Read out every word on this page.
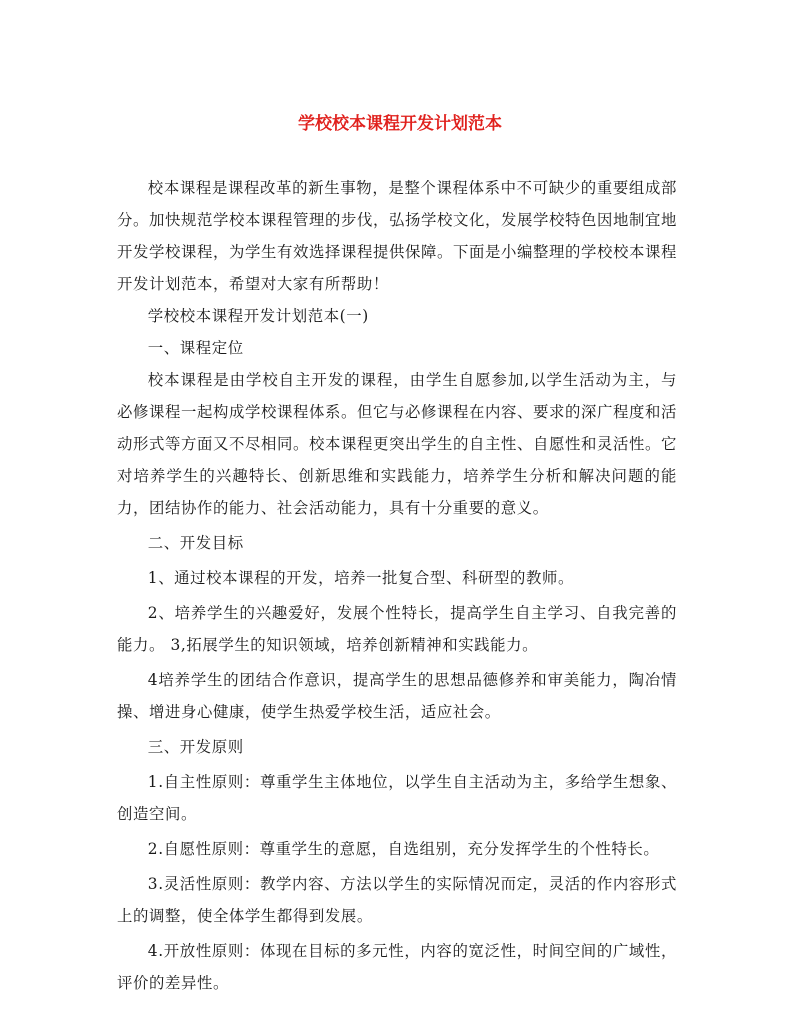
学校校本课程开发计划范本

校本课程是课程改革的新生事物，是整个课程体系中不可缺少的重要组成部分。加快规范学校本课程管理的步伐，弘扬学校文化，发展学校特色因地制宜地开发学校课程，为学生有效选择课程提供保障。下面是小编整理的学校校本课程开发计划范本，希望对大家有所帮助！

学校校本课程开发计划范本(一)

一、课程定位

校本课程是由学校自主开发的课程，由学生自愿参加,以学生活动为主，与必修课程一起构成学校课程体系。但它与必修课程在内容、要求的深广程度和活动形式等方面又不尽相同。校本课程更突出学生的自主性、自愿性和灵活性。它对培养学生的兴趣特长、创新思维和实践能力，培养学生分析和解决问题的能力，团结协作的能力、社会活动能力，具有十分重要的意义。

二、开发目标

1、通过校本课程的开发，培养一批复合型、科研型的教师。

2、培养学生的兴趣爱好，发展个性特长，提高学生自主学习、自我完善的能力。 3,拓展学生的知识领域，培养创新精神和实践能力。

4培养学生的团结合作意识，提高学生的思想品德修养和审美能力，陶冶情操、增进身心健康，使学生热爱学校生活，适应社会。

三、开发原则

1.自主性原则：尊重学生主体地位，以学生自主活动为主，多给学生想象、创造空间。

2.自愿性原则：尊重学生的意愿，自选组别，充分发挥学生的个性特长。

3.灵活性原则：教学内容、方法以学生的实际情况而定，灵活的作内容形式上的调整，使全体学生都得到发展。

4.开放性原则：体现在目标的多元性，内容的宽泛性，时间空间的广域性，评价的差异性。
